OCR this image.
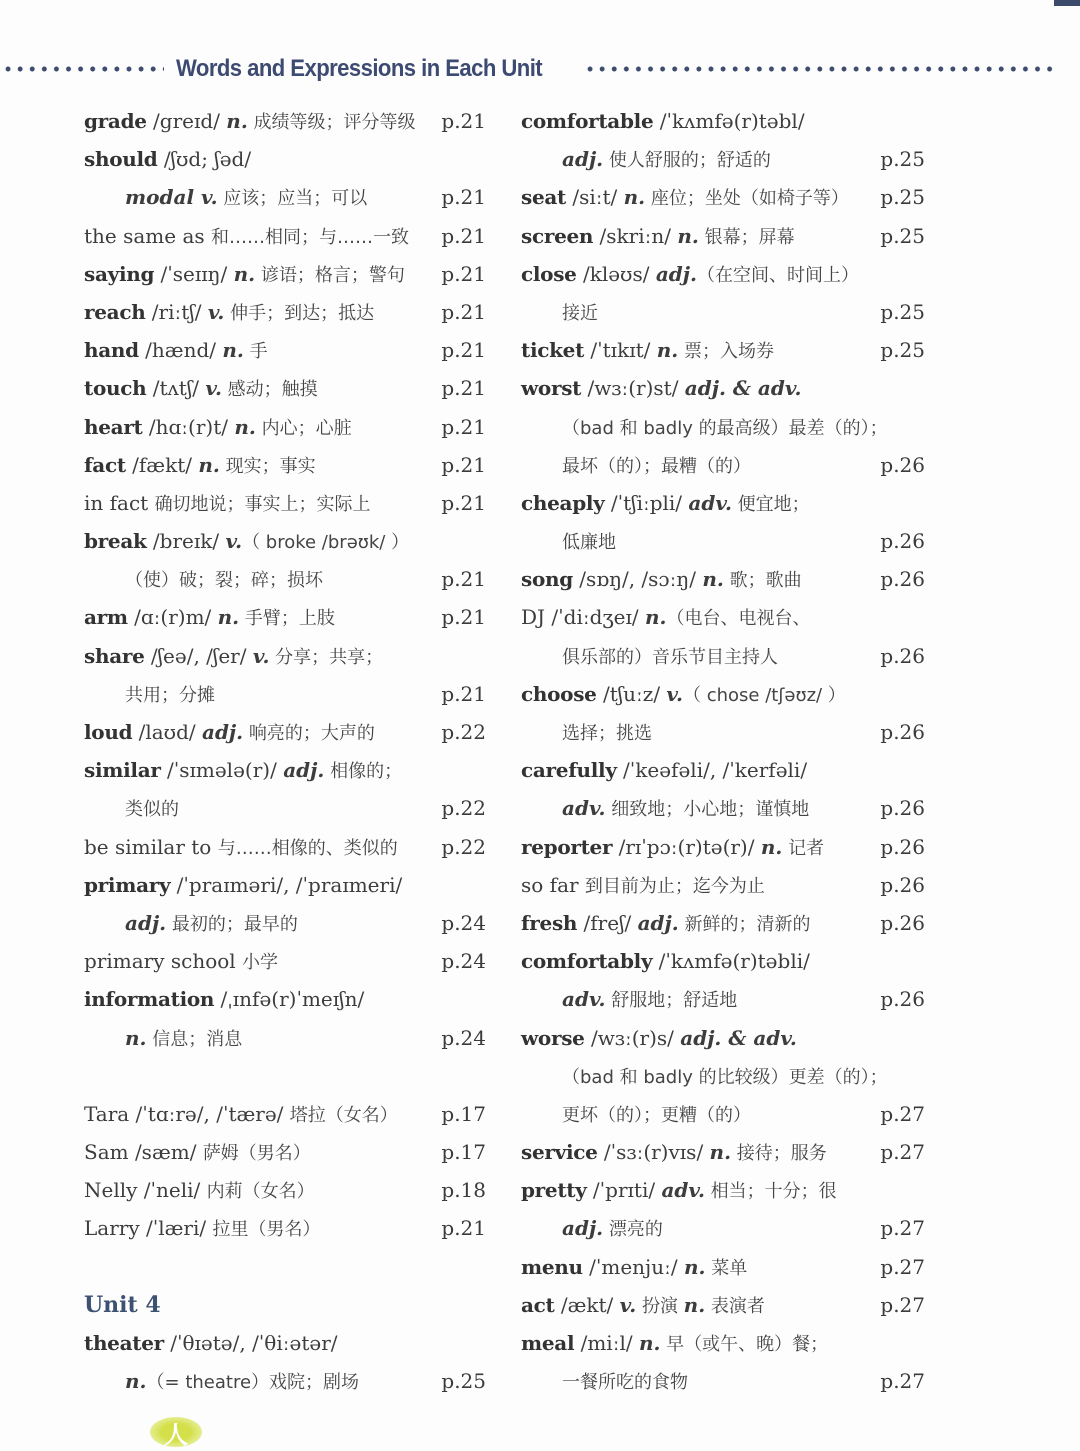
Words and Expressions in Each Unit
grade /greɪd/ n. 成绩等级；评分等级 p.21
should /ʃʊd; ʃəd/
modal v. 应该；应当；可以	p.21
the same as 和……相同；与……一致 p.21
saying /ˈseɪɪŋ/ n. 谚语；格言；警句 p.21
reach /riːtʃ/ v. 伸手；到达；抵达	p.21
hand /hænd/ n. 手	p.21
touch /tʌtʃ/ v. 感动；触摸	p.21
heart /hɑː(r)t/ n. 内心；心脏	p.21
fact /fækt/ n. 现实；事实	p.21
in fact 确切地说；事实上；实际上	p.21
break /breɪk/ v.（ broke /brəʊk/ ）
（使）破；裂；碎；损坏	p.21
arm /ɑː(r)m/ n. 手臂；上肢	p.21
share /ʃeə/, /ʃer/ v. 分享；共享；
共用；分摊	p.21
loud /laʊd/ adj. 响亮的；大声的	p.22
similar /ˈsɪmələ(r)/ adj. 相像的；
类似的	p.22
be similar to 与……相像的、类似的 p.22
primary /ˈpraɪməri/, /ˈpraɪmeri/
adj. 最初的；最早的	p.24
primary school 小学	p.24
information /ˌɪnfə(r)ˈmeɪʃn/
n. 信息；消息	p.24
Tara /ˈtɑːrə/, /ˈtærə/ 塔拉（女名） p.17
Sam /sæm/ 萨姆（男名）	p.17
Nelly /ˈneli/ 内莉（女名）	p.18
Larry /ˈlæri/ 拉里（男名）	p.21
Unit 4
theater /ˈθɪətə/, /ˈθiːətər/
n.（= theatre）戏院；剧场	p.25
comfortable /ˈkʌmfə(r)təbl/
adj. 使人舒服的；舒适的	p.25
seat /siːt/ n. 座位；坐处（如椅子等） p.25
screen /skriːn/ n. 银幕；屏幕	p.25
close /kləʊs/ adj.（在空间、时间上）
接近	p.25
ticket /ˈtɪkɪt/ n. 票；入场券	p.25
worst /wɜː(r)st/ adj. & adv.
（bad 和 badly 的最高级）最差（的）；
最坏（的）；最糟（的）	p.26
cheaply /ˈtʃiːpli/ adv. 便宜地；
低廉地	p.26
song /sɒŋ/, /sɔːŋ/ n. 歌；歌曲	p.26
DJ /ˈdiːdʒeɪ/ n.（电台、电视台、
俱乐部的）音乐节目主持人	p.26
choose /tʃuːz/ v.（ chose /tʃəʊz/ ）
选择；挑选	p.26
carefully /ˈkeəfəli/, /ˈkerfəli/
adv. 细致地；小心地；谨慎地	p.26
reporter /rɪˈpɔː(r)tə(r)/ n. 记者	p.26
so far 到目前为止；迄今为止	p.26
fresh /freʃ/ adj. 新鲜的；清新的	p.26
comfortably /ˈkʌmfə(r)təbli/
adv. 舒服地；舒适地	p.26
worse /wɜː(r)s/ adj. & adv.
（bad 和 badly 的比较级）更差（的）；
更坏（的）；更糟（的）	p.27
service /ˈsɜː(r)vɪs/ n. 接待；服务	p.27
pretty /ˈprɪti/ adv. 相当；十分；很
adj. 漂亮的	p.27
menu /ˈmenjuː/ n. 菜单	p.27
act /ækt/ v. 扮演 n. 表演者	p.27
meal /miːl/ n. 早（或午、晚）餐；
一餐所吃的食物	p.27
人
